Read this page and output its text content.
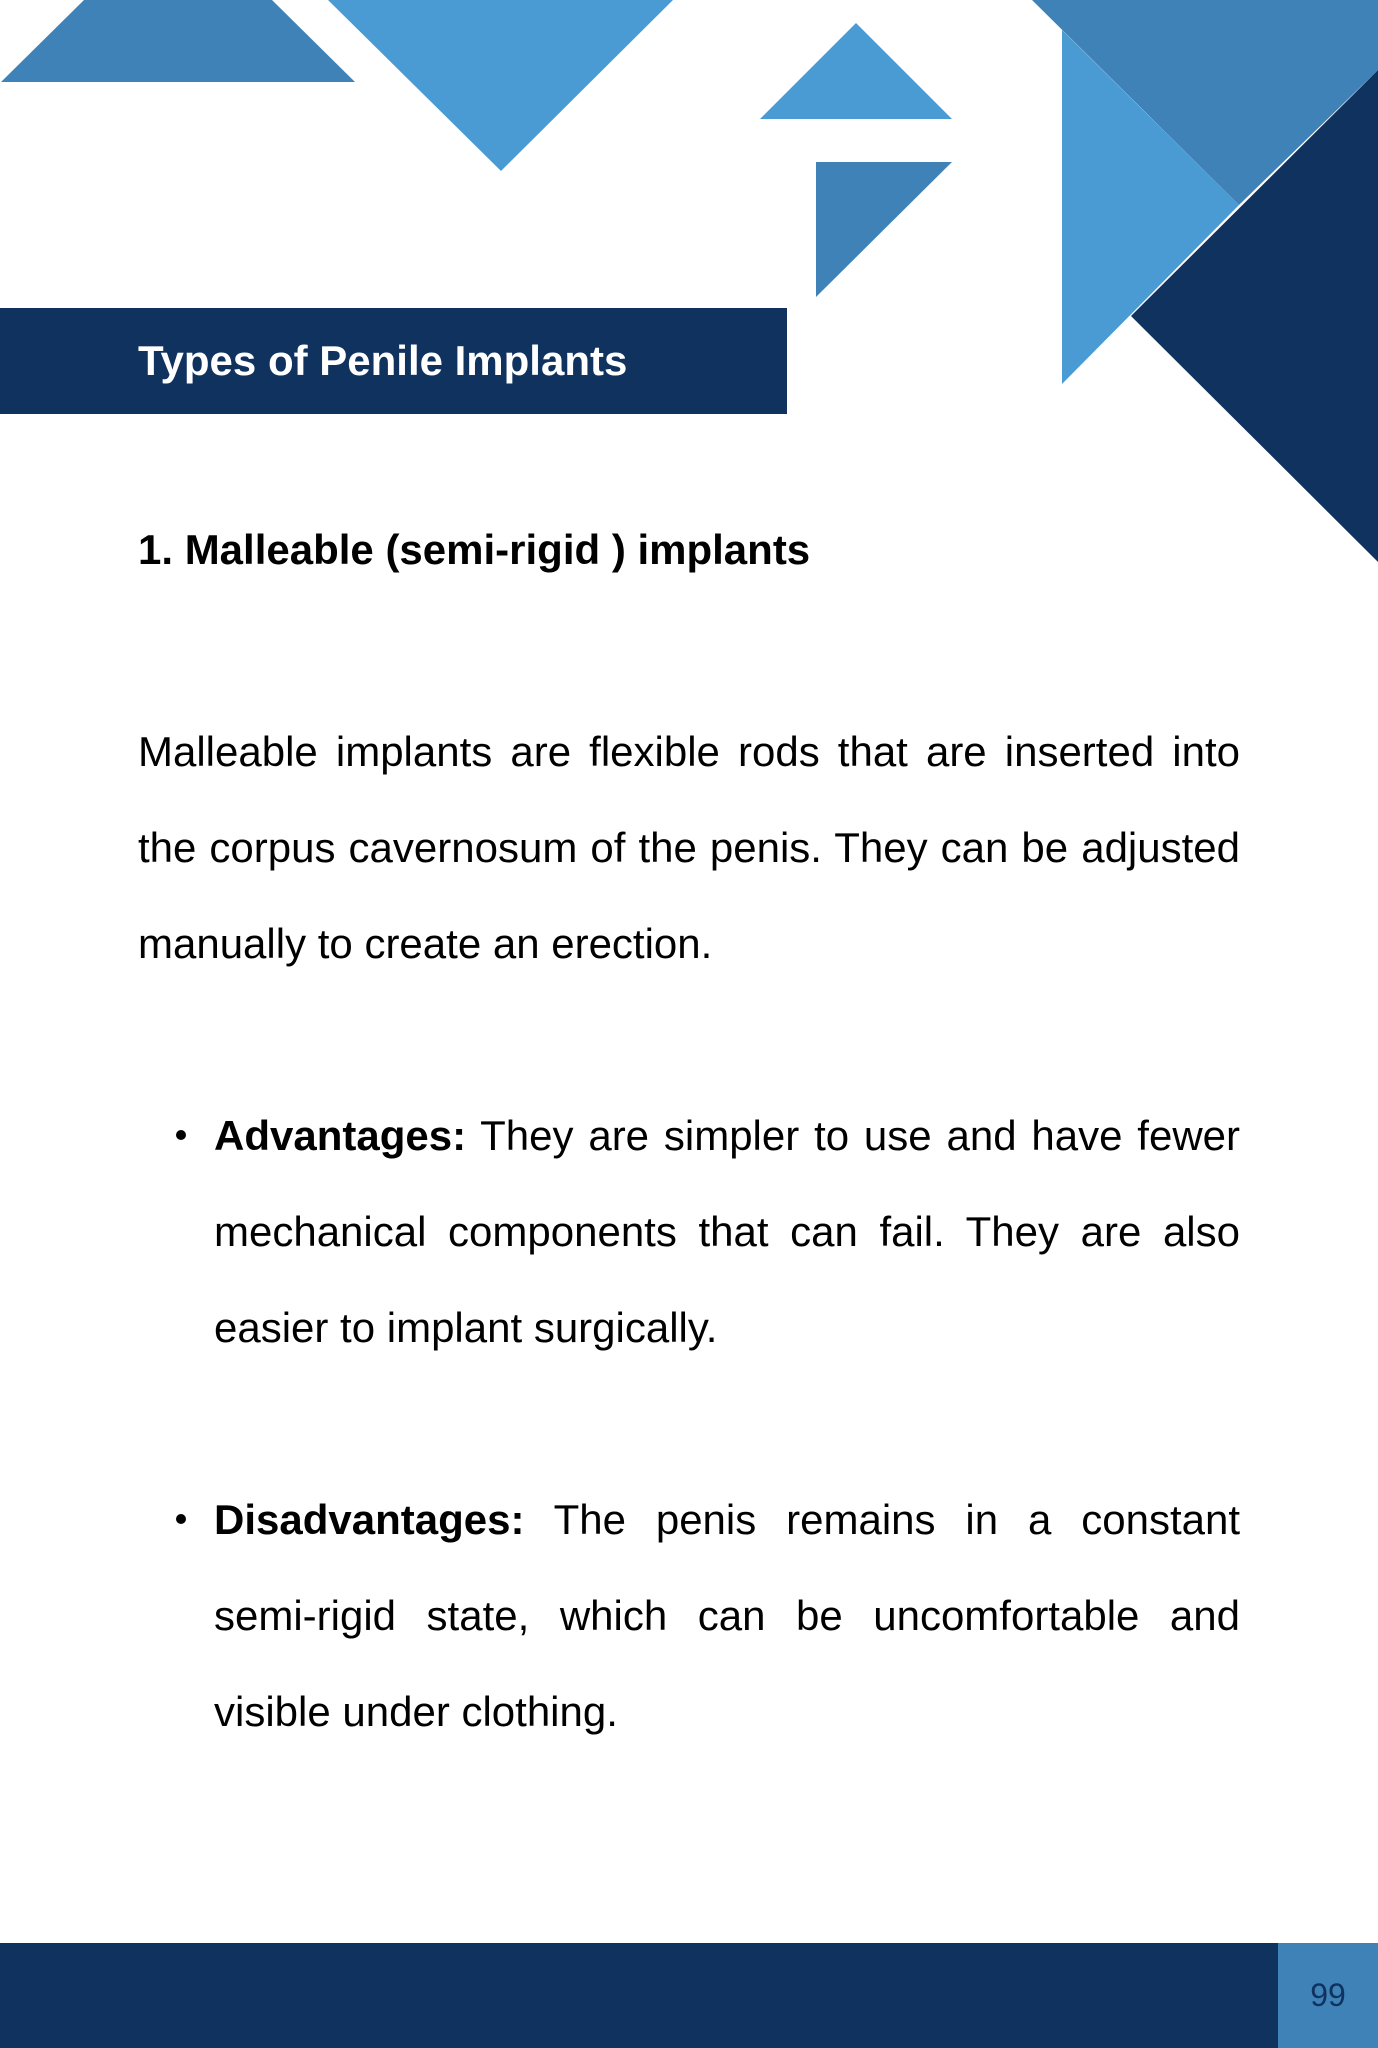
Types of Penile Implants
1. Malleable (semi-rigid ) implants

Malleable implants are flexible rods that are inserted into the corpus cavernosum of the penis. They can be adjusted manually to create an erection.

Advantages: They are simpler to use and have fewer mechanical components that can fail. They are also easier to implant surgically.
Disadvantages: The penis remains in a constant semi-rigid state, which can be uncomfortable and visible under clothing.
99
